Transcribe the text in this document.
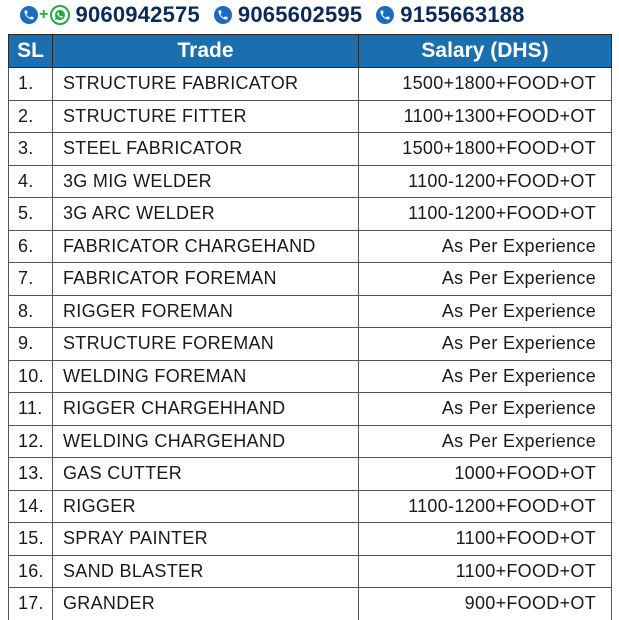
+ 9060942575 9065602595 9155663188
SL	Trade	Salary (DHS)
1.	STRUCTURE FABRICATOR	1500+1800+FOOD+OT
2.	STRUCTURE FITTER	1100+1300+FOOD+OT
3.	STEEL FABRICATOR	1500+1800+FOOD+OT
4.	3G MIG WELDER	1100-1200+FOOD+OT
5.	3G ARC WELDER	1100-1200+FOOD+OT
6.	FABRICATOR CHARGEHAND	As Per Experience
7.	FABRICATOR FOREMAN	As Per Experience
8.	RIGGER FOREMAN	As Per Experience
9.	STRUCTURE FOREMAN	As Per Experience
10.	WELDING FOREMAN	As Per Experience
11.	RIGGER CHARGEHHAND	As Per Experience
12.	WELDING CHARGEHAND	As Per Experience
13.	GAS CUTTER	1000+FOOD+OT
14.	RIGGER	1100-1200+FOOD+OT
15.	SPRAY PAINTER	1100+FOOD+OT
16.	SAND BLASTER	1100+FOOD+OT
17.	GRANDER	900+FOOD+OT
